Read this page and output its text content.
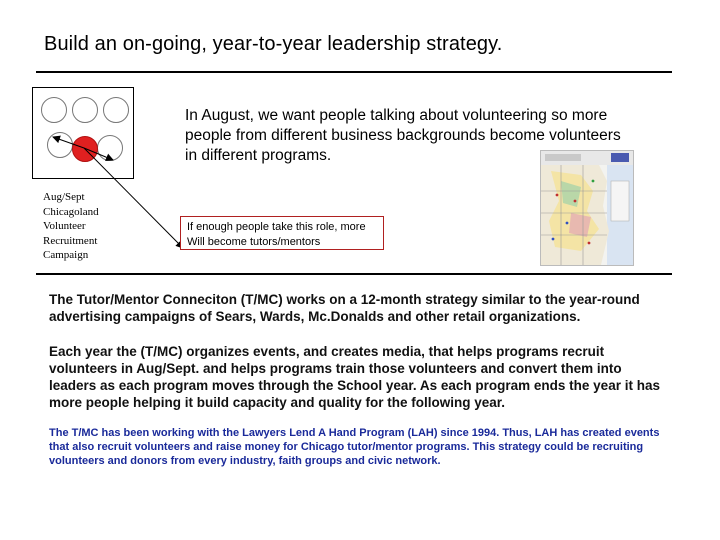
Build an on-going, year-to-year leadership strategy.
Aug/Sept
Chicagoland
Volunteer
Recruitment
Campaign
In August, we want people talking about volunteering so more people from different business backgrounds become volunteers in different programs.
If enough people take this role, more
Will become tutors/mentors
The Tutor/Mentor Conneciton (T/MC) works on a 12-month strategy similar to the year-round advertising campaigns of Sears, Wards, Mc.Donalds and other retail organizations.
Each year the (T/MC) organizes events, and creates media, that helps programs recruit volunteers in Aug/Sept. and helps programs train those volunteers and convert them into leaders as each program moves through the School year. As each program ends the year it has more people helping it build capacity and quality for the following year.
The T/MC has been working with the Lawyers Lend A Hand Program (LAH) since 1994. Thus, LAH has created events that also recruit volunteers and raise money for Chicago tutor/mentor programs. This strategy could be recruiting volunteers and donors from every industry, faith groups and civic network.
